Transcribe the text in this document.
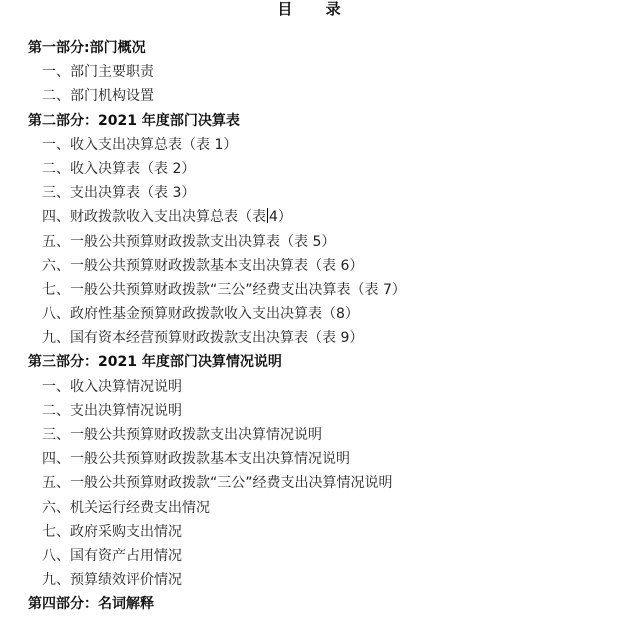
目 录
第一部分:部门概况
一、部门主要职责
二、部门机构设置
第二部分：2021 年度部门决算表
一、收入支出决算总表（表 1）
二、收入决算表（表 2）
三、支出决算表（表 3）
四、财政拨款收入支出决算总表（表 4）
五、一般公共预算财政拨款支出决算表（表 5）
六、一般公共预算财政拨款基本支出决算表（表 6）
七、一般公共预算财政拨款“三公”经费支出决算表（表 7）
八、政府性基金预算财政拨款收入支出决算表（8）
九、国有资本经营预算财政拨款支出决算表（表 9）
第三部分：2021 年度部门决算情况说明
一、收入决算情况说明
二、支出决算情况说明
三、一般公共预算财政拨款支出决算情况说明
四、一般公共预算财政拨款基本支出决算情况说明
五、一般公共预算财政拨款“三公”经费支出决算情况说明
六、机关运行经费支出情况
七、政府采购支出情况
八、国有资产占用情况
九、预算绩效评价情况
第四部分：名词解释
